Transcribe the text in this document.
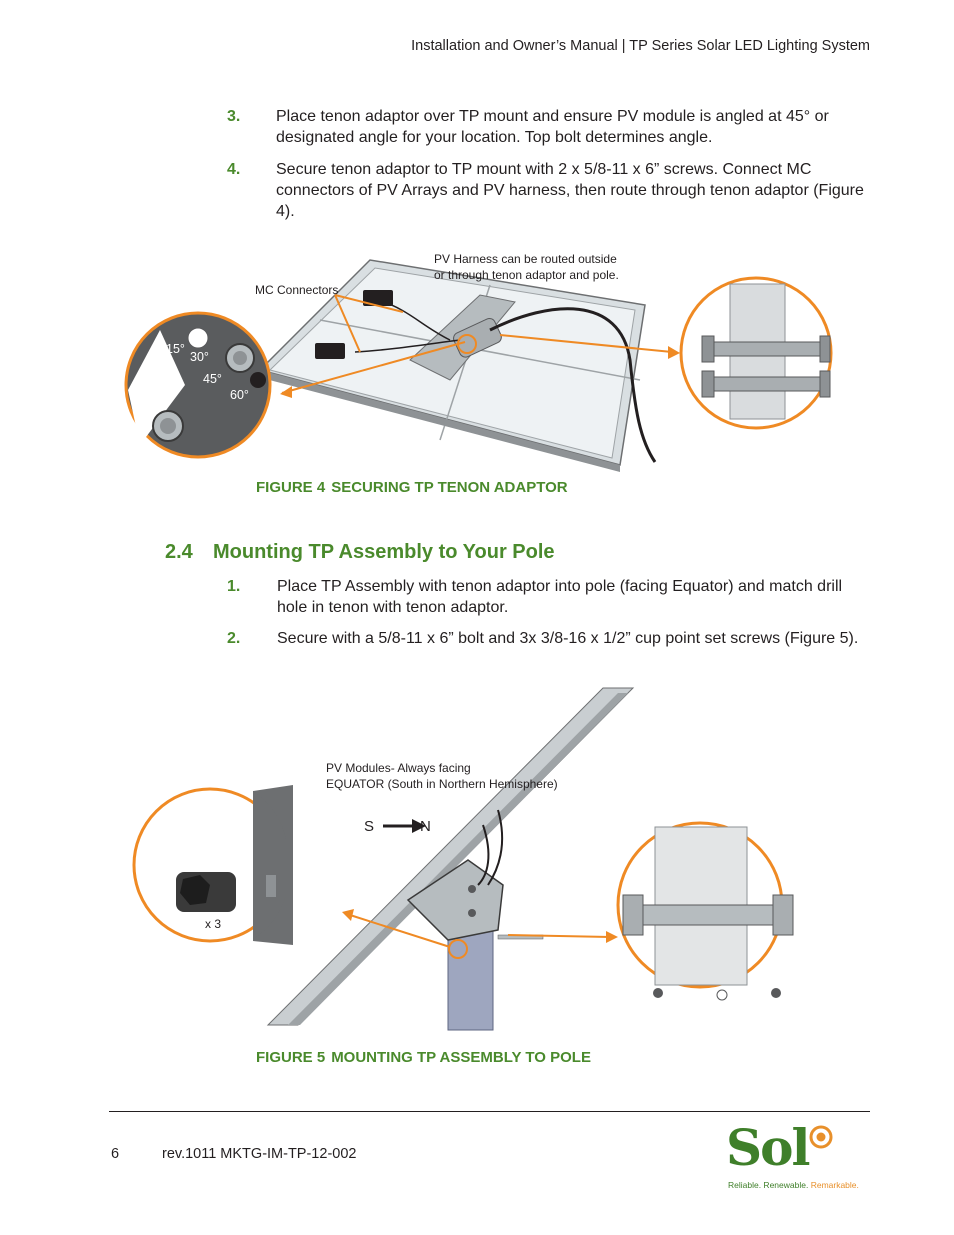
Installation and Owner’s Manual | TP Series Solar LED Lighting System
3. Place tenon adaptor over TP mount and ensure PV module is angled at 45° or designated angle for your location. Top bolt determines angle.
4. Secure tenon adaptor to TP mount with 2 x 5/8-11 x 6” screws. Connect MC connectors of PV Arrays and PV harness, then route through tenon adaptor (Figure 4).
15°
30°
45°
60°
PV Harness can be routed outside
or through tenon adaptor and pole.
MC Connectors
FIGURE 4 SECURING TP TENON ADAPTOR
2.4 Mounting TP Assembly to Your Pole
1. Place TP Assembly with tenon adaptor into pole (facing Equator) and match drill hole in tenon with tenon adaptor.
2. Secure with a 5/8-11 x 6” bolt and 3x 3/8-16 x 1/2” cup point set screws (Figure 5).
S	N
x 3
PV Modules- Always facing
EQUATOR (South in Northern Hemisphere)
FIGURE 5 MOUNTING TP ASSEMBLY TO POLE
6	rev.1011 MKTG-IM-TP-12-002	Sol
Reliable. Renewable. Remarkable.
